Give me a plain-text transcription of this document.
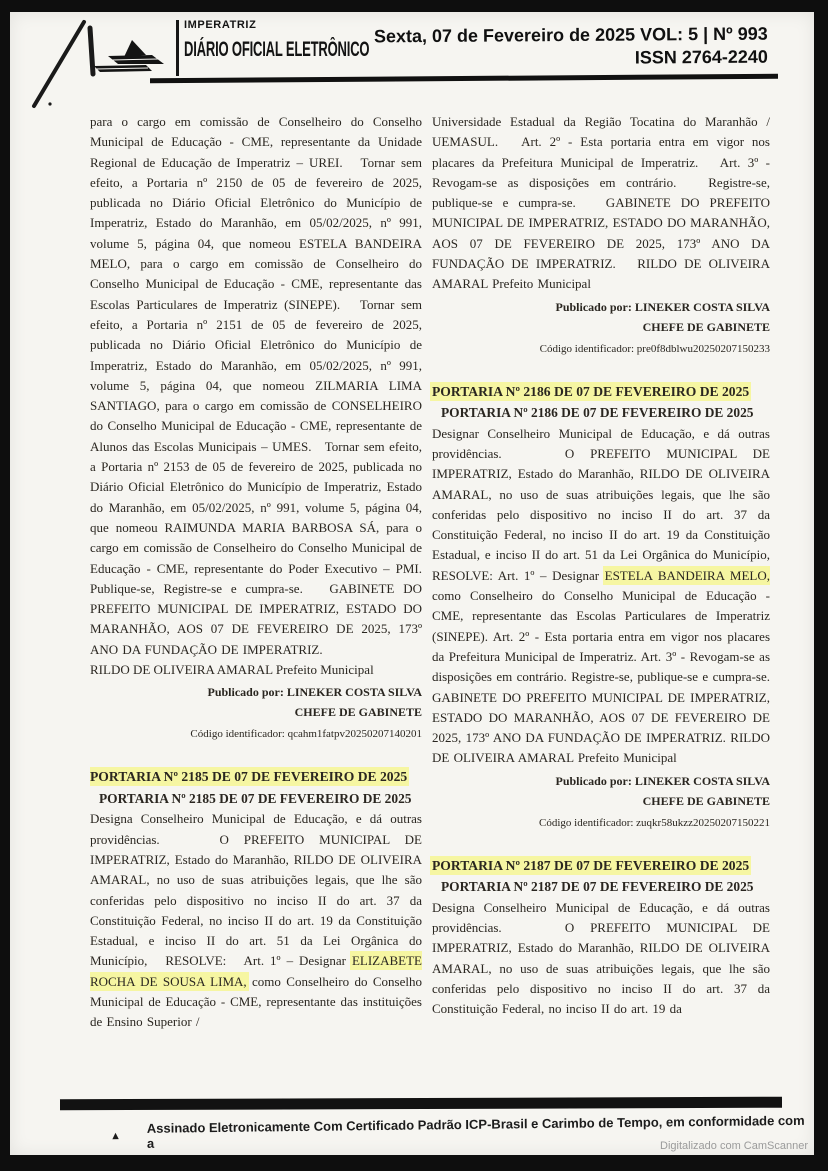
IMPERATRIZ
DIÁRIO OFICIAL ELETRÔNICO
Sexta, 07 de Fevereiro de 2025 VOL: 5 | Nº 993
ISSN 2764-2240

para o cargo em comissão de Conselheiro do Conselho Municipal de Educação - CME, representante da Unidade Regional de Educação de Imperatriz – UREI.   Tornar sem efeito, a Portaria nº 2150 de 05 de fevereiro de 2025, publicada no Diário Oficial Eletrônico do Município de Imperatriz, Estado do Maranhão, em 05/02/2025, nº 991, volume 5, página 04, que nomeou ESTELA BANDEIRA MELO, para o cargo em comissão de Conselheiro do Conselho Municipal de Educação - CME, representante das Escolas Particulares de Imperatriz (SINEPE).   Tornar sem efeito, a Portaria nº 2151 de 05 de fevereiro de 2025, publicada no Diário Oficial Eletrônico do Município de Imperatriz, Estado do Maranhão, em 05/02/2025, nº 991, volume 5, página 04, que nomeou ZILMARIA LIMA SANTIAGO, para o cargo em comissão de CONSELHEIRO do Conselho Municipal de Educação - CME, representante de Alunos das Escolas Municipais – UMES.   Tornar sem efeito, a Portaria nº 2153 de 05 de fevereiro de 2025, publicada no Diário Oficial Eletrônico do Município de Imperatriz, Estado do Maranhão, em 05/02/2025, nº 991, volume 5, página 04, que nomeou RAIMUNDA MARIA BARBOSA SÁ, para o cargo em comissão de Conselheiro do Conselho Municipal de Educação - CME, representante do Poder Executivo – PMI. Publique-se, Registre-se e cumpra-se.   GABINETE DO PREFEITO MUNICIPAL DE IMPERATRIZ, ESTADO DO MARANHÃO, AOS 07 DE FEVEREIRO DE 2025, 173º ANO DA FUNDAÇÃO DE IMPERATRIZ.

RILDO DE OLIVEIRA AMARAL Prefeito Municipal

Publicado por: LINEKER COSTA SILVA
CHEFE DE GABINETE
Código identificador: qcahm1fatpv20250207140201
PORTARIA Nº 2185 DE 07 DE FEVEREIRO DE 2025
PORTARIA Nº 2185 DE 07 DE FEVEREIRO DE 2025

Designa Conselheiro Municipal de Educação, e dá outras providências.    O PREFEITO MUNICIPAL DE IMPERATRIZ, Estado do Maranhão, RILDO DE OLIVEIRA AMARAL, no uso de suas atribuições legais, que lhe são conferidas pelo dispositivo no inciso II do art. 37 da Constituição Federal, no inciso II do art. 19 da Constituição Estadual, e inciso II do art. 51 da Lei Orgânica do Município,   RESOLVE:   Art. 1º – Designar ELIZABETE ROCHA DE SOUSA LIMA, como Conselheiro do Conselho Municipal de Educação - CME, representante das instituições de Ensino Superior /

Universidade Estadual da Região Tocatina do Maranhão / UEMASUL.   Art. 2º - Esta portaria entra em vigor nos placares da Prefeitura Municipal de Imperatriz.   Art. 3º - Revogam-se as disposições em contrário.   Registre-se, publique-se e cumpra-se.   GABINETE DO PREFEITO MUNICIPAL DE IMPERATRIZ, ESTADO DO MARANHÃO, AOS 07 DE FEVEREIRO DE 2025, 173º ANO DA FUNDAÇÃO DE IMPERATRIZ.   RILDO DE OLIVEIRA AMARAL Prefeito Municipal

Publicado por: LINEKER COSTA SILVA
CHEFE DE GABINETE
Código identificador: pre0f8dblwu20250207150233
PORTARIA Nº 2186 DE 07 DE FEVEREIRO DE 2025
PORTARIA Nº 2186 DE 07 DE FEVEREIRO DE 2025

Designar Conselheiro Municipal de Educação, e dá outras providências.    O PREFEITO MUNICIPAL DE IMPERATRIZ, Estado do Maranhão, RILDO DE OLIVEIRA AMARAL, no uso de suas atribuições legais, que lhe são conferidas pelo dispositivo no inciso II do art. 37 da Constituição Federal, no inciso II do art. 19 da Constituição Estadual, e inciso II do art. 51 da Lei Orgânica do Município, RESOLVE: Art. 1º – Designar ESTELA BANDEIRA MELO, como Conselheiro do Conselho Municipal de Educação - CME, representante das Escolas Particulares de Imperatriz (SINEPE). Art. 2º - Esta portaria entra em vigor nos placares da Prefeitura Municipal de Imperatriz. Art. 3º - Revogam-se as disposições em contrário. Registre-se, publique-se e cumpra-se. GABINETE DO PREFEITO MUNICIPAL DE IMPERATRIZ, ESTADO DO MARANHÃO, AOS 07 DE FEVEREIRO DE 2025, 173º ANO DA FUNDAÇÃO DE IMPERATRIZ. RILDO DE OLIVEIRA AMARAL Prefeito Municipal

Publicado por: LINEKER COSTA SILVA
CHEFE DE GABINETE
Código identificador: zuqkr58ukzz20250207150221
PORTARIA Nº 2187 DE 07 DE FEVEREIRO DE 2025
PORTARIA Nº 2187 DE 07 DE FEVEREIRO DE 2025

Designa Conselheiro Municipal de Educação, e dá outras providências.    O PREFEITO MUNICIPAL DE IMPERATRIZ, Estado do Maranhão, RILDO DE OLIVEIRA AMARAL, no uso de suas atribuições legais, que lhe são conferidas pelo dispositivo no inciso II do art. 37 da Constituição Federal, no inciso II do art. 19 da

▲
Assinado Eletronicamente Com Certificado Padrão ICP-Brasil e Carimbo de Tempo, em conformidade com a	Digitalizado com CamScanner
